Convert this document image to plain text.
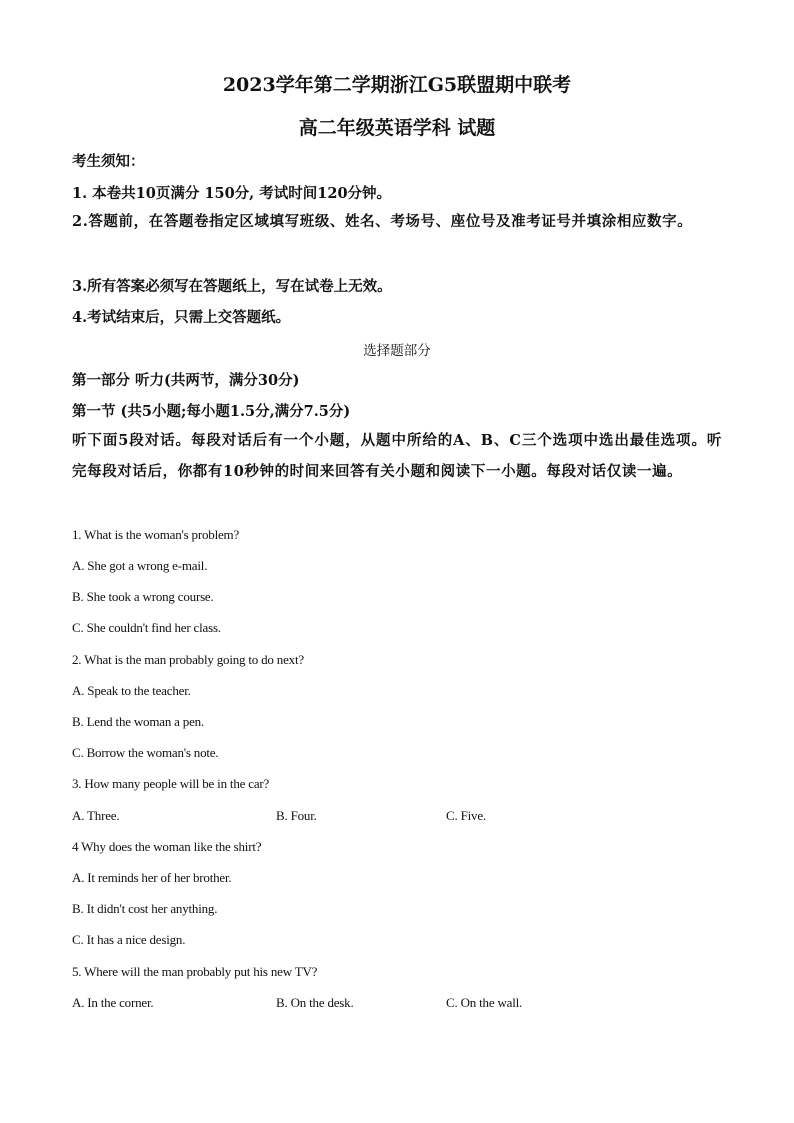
2023学年第二学期浙江G5联盟期中联考
高二年级英语学科 试题
考生须知：
1. 本卷共10页满分 150分, 考试时间120分钟。
2.答题前，在答题卷指定区域填写班级、姓名、考场号、座位号及准考证号并填涂相应数字。
3.所有答案必须写在答题纸上，写在试卷上无效。
4.考试结束后，只需上交答题纸。
选择题部分
第一部分 听力(共两节，满分30分)
第一节 (共5小题;每小题1.5分,满分7.5分)
听下面5段对话。每段对话后有一个小题，从题中所给的A、B、C三个选项中选出最佳选项。听完每段对话后，你都有10秒钟的时间来回答有关小题和阅读下一小题。每段对话仅读一遍。
1. What is the woman's problem?
A. She got a wrong e-mail.
B. She took a wrong course.
C. She couldn't find her class.
2. What is the man probably going to do next?
A. Speak to the teacher.
B. Lend the woman a pen.
C. Borrow the woman's note.
3. How many people will be in the car?
A. Three.	B. Four.	C. Five.
4 Why does the woman like the shirt?
A. It reminds her of her brother.
B. It didn't cost her anything.
C. It has a nice design.
5. Where will the man probably put his new TV?
A. In the corner.	B. On the desk.	C. On the wall.
